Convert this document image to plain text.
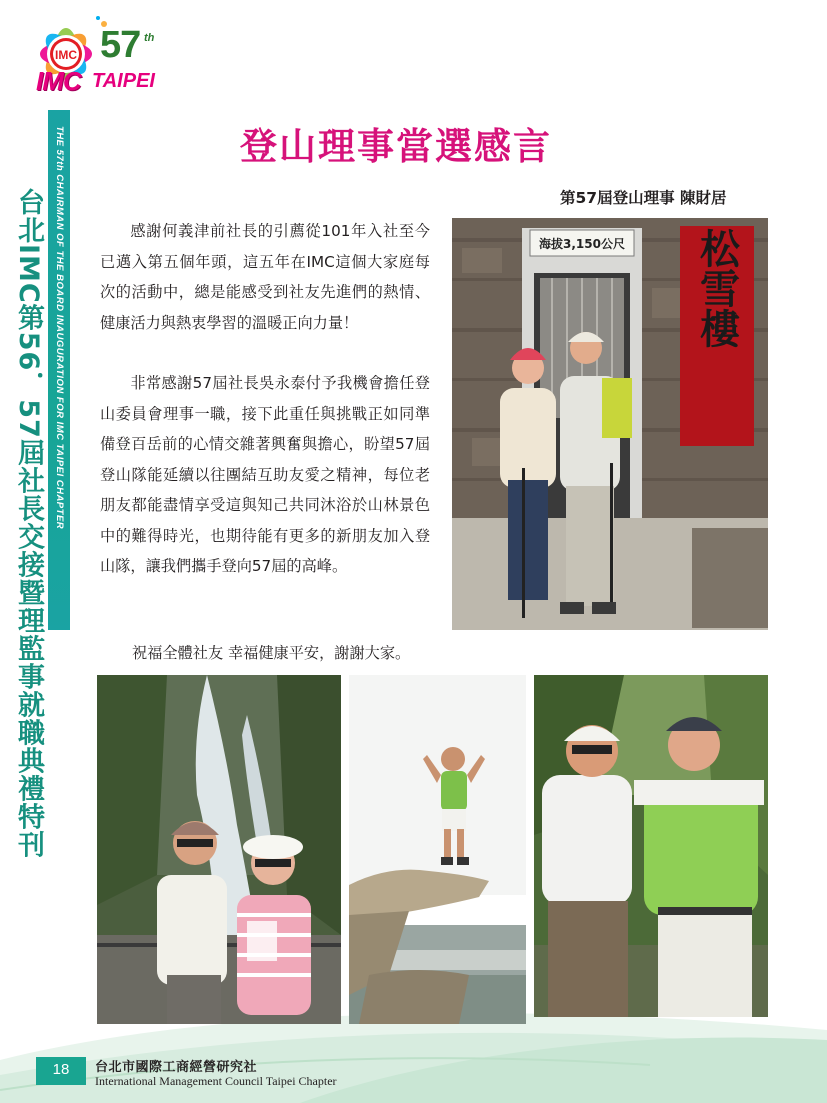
IMC 57 th
IMC TAIPEI
THE 57th CHAIRMAN OF THE BOARD INAUGURATION FOR IMC TAIPEI CHAPTER
台北IMC第56．57屆社長交接暨理監事就職典禮特刊
登山理事當選感言
第57屆登山理事 陳財居

感謝何義津前社長的引薦從101年入社至今已邁入第五個年頭，這五年在IMC這個大家庭每次的活動中，總是能感受到社友先進們的熱情、健康活力與熱衷學習的溫暖正向力量！

非常感謝57屆社長吳永泰付予我機會擔任登山委員會理事一職，接下此重任與挑戰正如同準備登百岳前的心情交雜著興奮與擔心，盼望57屆登山隊能延續以往團結互助友愛之精神，每位老朋友都能盡情享受這與知己共同沐浴於山林景色中的難得時光，也期待能有更多的新朋友加入登山隊，讓我們攜手登向57屆的高峰。

祝福全體社友 幸福健康平安，謝謝大家。
海拔3,150公尺 松雪樓
18	台北市國際工商經營研究社
International Management Council Taipei Chapter
